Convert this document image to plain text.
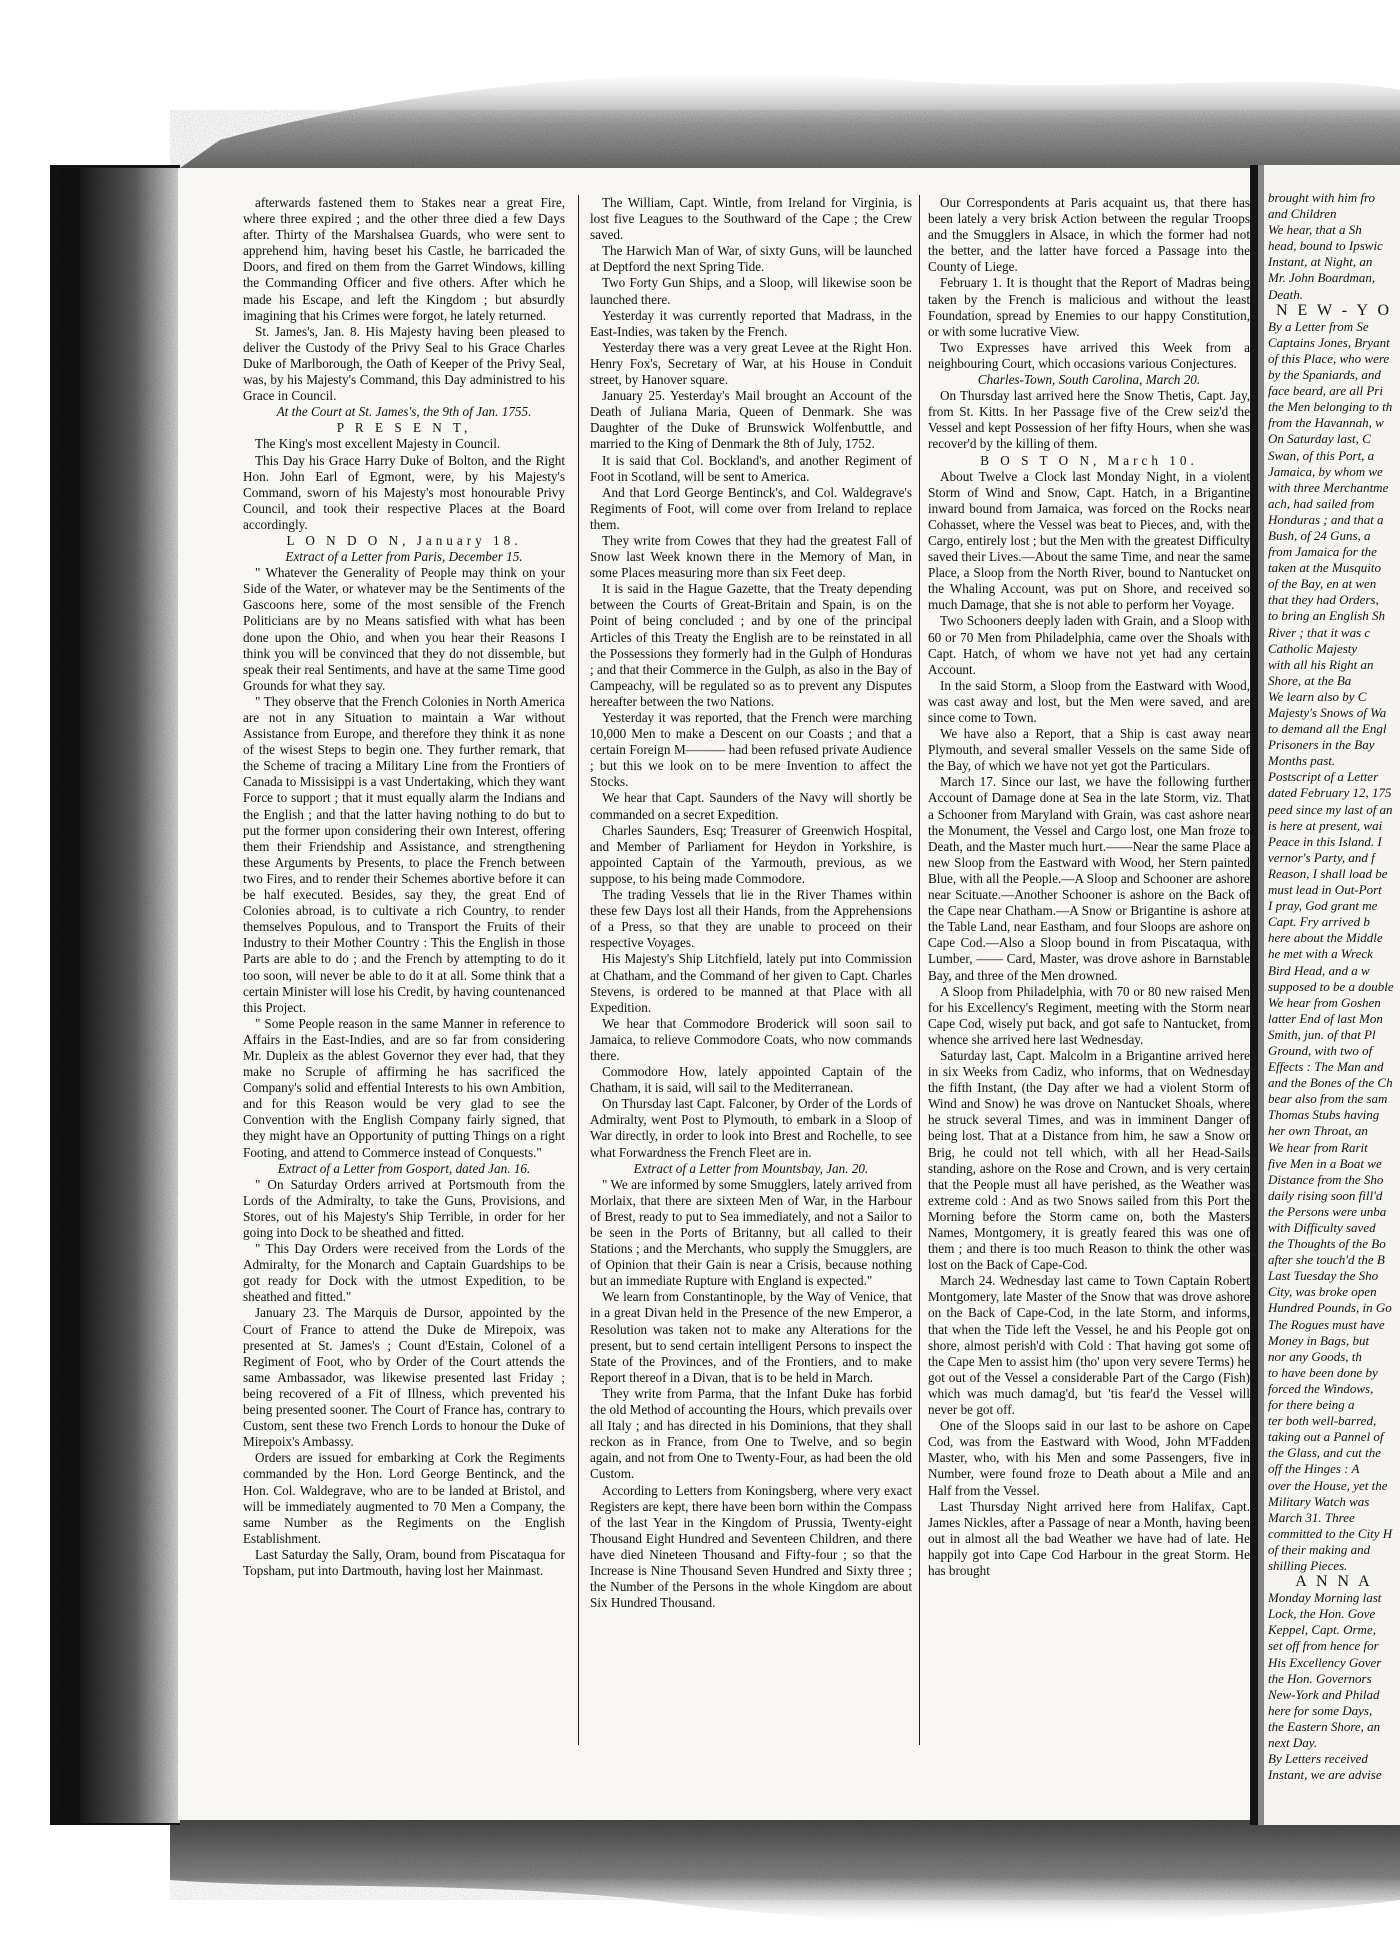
afterwards fastened them to Stakes near a great Fire, where three expired ; and the other three died a few Days after. Thirty of the Marshalsea Guards, who were sent to apprehend him, having beset his Castle, he barricaded the Doors, and fired on them from the Garret Windows, killing the Commanding Officer and five others. After which he made his Escape, and left the Kingdom ; but absurdly imagining that his Crimes were forgot, he lately returned.

St. James's, Jan. 8. His Majesty having been pleased to deliver the Custody of the Privy Seal to his Grace Charles Duke of Marlborough, the Oath of Keeper of the Privy Seal, was, by his Majesty's Command, this Day administred to his Grace in Council.

At the Court at St. James's, the 9th of Jan. 1755.

P R E S E N T,

The King's most excellent Majesty in Council.

This Day his Grace Harry Duke of Bolton, and the Right Hon. John Earl of Egmont, were, by his Majesty's Command, sworn of his Majesty's most honourable Privy Council, and took their respective Places at the Board accordingly.

L O N D O N, January 18.

Extract of a Letter from Paris, December 15.

" Whatever the Generality of People may think on your Side of the Water, or whatever may be the Sentiments of the Gascoons here, some of the most sensible of the French Politicians are by no Means satisfied with what has been done upon the Ohio, and when you hear their Reasons I think you will be convinced that they do not dissemble, but speak their real Sentiments, and have at the same Time good Grounds for what they say.

" They observe that the French Colonies in North America are not in any Situation to maintain a War without Assistance from Europe, and therefore they think it as none of the wisest Steps to begin one. They further remark, that the Scheme of tracing a Military Line from the Frontiers of Canada to Missisippi is a vast Undertaking, which they want Force to support ; that it must equally alarm the Indians and the English ; and that the latter having nothing to do but to put the former upon considering their own Interest, offering them their Friendship and Assistance, and strengthening these Arguments by Presents, to place the French between two Fires, and to render their Schemes abortive before it can be half executed. Besides, say they, the great End of Colonies abroad, is to cultivate a rich Country, to render themselves Populous, and to Transport the Fruits of their Industry to their Mother Country : This the English in those Parts are able to do ; and the French by attempting to do it too soon, will never be able to do it at all. Some think that a certain Minister will lose his Credit, by having countenanced this Project.

" Some People reason in the same Manner in reference to Affairs in the East-Indies, and are so far from considering Mr. Dupleix as the ablest Governor they ever had, that they make no Scruple of affirming he has sacrificed the Company's solid and effential Interests to his own Ambition, and for this Reason would be very glad to see the Convention with the English Company fairly signed, that they might have an Opportunity of putting Things on a right Footing, and attend to Commerce instead of Conquests."

Extract of a Letter from Gosport, dated Jan. 16.

" On Saturday Orders arrived at Portsmouth from the Lords of the Admiralty, to take the Guns, Provisions, and Stores, out of his Majesty's Ship Terrible, in order for her going into Dock to be sheathed and fitted.

" This Day Orders were received from the Lords of the Admiralty, for the Monarch and Captain Guardships to be got ready for Dock with the utmost Expedition, to be sheathed and fitted."

January 23. The Marquis de Dursor, appointed by the Court of France to attend the Duke de Mirepoix, was presented at St. James's ; Count d'Estain, Colonel of a Regiment of Foot, who by Order of the Court attends the same Ambassador, was likewise presented last Friday ; being recovered of a Fit of Illness, which prevented his being presented sooner. The Court of France has, contrary to Custom, sent these two French Lords to honour the Duke of Mirepoix's Ambassy.

Orders are issued for embarking at Cork the Regiments commanded by the Hon. Lord George Bentinck, and the Hon. Col. Waldegrave, who are to be landed at Bristol, and will be immediately augmented to 70 Men a Company, the same Number as the Regiments on the English Establishment.

Last Saturday the Sally, Oram, bound from Piscataqua for Topsham, put into Dartmouth, having lost her Mainmast.

The William, Capt. Wintle, from Ireland for Virginia, is lost five Leagues to the Southward of the Cape ; the Crew saved.

The Harwich Man of War, of sixty Guns, will be launched at Deptford the next Spring Tide.

Two Forty Gun Ships, and a Sloop, will likewise soon be launched there.

Yesterday it was currently reported that Madrass, in the East-Indies, was taken by the French.

Yesterday there was a very great Levee at the Right Hon. Henry Fox's, Secretary of War, at his House in Conduit street, by Hanover square.

January 25. Yesterday's Mail brought an Account of the Death of Juliana Maria, Queen of Denmark. She was Daughter of the Duke of Brunswick Wolfenbuttle, and married to the King of Denmark the 8th of July, 1752.

It is said that Col. Bockland's, and another Regiment of Foot in Scotland, will be sent to America.

And that Lord George Bentinck's, and Col. Waldegrave's Regiments of Foot, will come over from Ireland to replace them.

They write from Cowes that they had the greatest Fall of Snow last Week known there in the Memory of Man, in some Places measuring more than six Feet deep.

It is said in the Hague Gazette, that the Treaty depending between the Courts of Great-Britain and Spain, is on the Point of being concluded ; and by one of the principal Articles of this Treaty the English are to be reinstated in all the Possessions they formerly had in the Gulph of Honduras ; and that their Commerce in the Gulph, as also in the Bay of Campeachy, will be regulated so as to prevent any Disputes hereafter between the two Nations.

Yesterday it was reported, that the French were marching 10,000 Men to make a Descent on our Coasts ; and that a certain Foreign M——— had been refused private Audience ; but this we look on to be mere Invention to affect the Stocks.

We hear that Capt. Saunders of the Navy will shortly be commanded on a secret Expedition.

Charles Saunders, Esq; Treasurer of Greenwich Hospital, and Member of Parliament for Heydon in Yorkshire, is appointed Captain of the Yarmouth, previous, as we suppose, to his being made Commodore.

The trading Vessels that lie in the River Thames within these few Days lost all their Hands, from the Apprehensions of a Press, so that they are unable to proceed on their respective Voyages.

His Majesty's Ship Litchfield, lately put into Commission at Chatham, and the Command of her given to Capt. Charles Stevens, is ordered to be manned at that Place with all Expedition.

We hear that Commodore Broderick will soon sail to Jamaica, to relieve Commodore Coats, who now commands there.

Commodore How, lately appointed Captain of the Chatham, it is said, will sail to the Mediterranean.

On Thursday last Capt. Falconer, by Order of the Lords of Admiralty, went Post to Plymouth, to embark in a Sloop of War directly, in order to look into Brest and Rochelle, to see what Forwardness the French Fleet are in.

Extract of a Letter from Mountsbay, Jan. 20.

" We are informed by some Smugglers, lately arrived from Morlaix, that there are sixteen Men of War, in the Harbour of Brest, ready to put to Sea immediately, and not a Sailor to be seen in the Ports of Britanny, but all called to their Stations ; and the Merchants, who supply the Smugglers, are of Opinion that their Gain is near a Crisis, because nothing but an immediate Rupture with England is expected."

We learn from Constantinople, by the Way of Venice, that in a great Divan held in the Presence of the new Emperor, a Resolution was taken not to make any Alterations for the present, but to send certain intelligent Persons to inspect the State of the Provinces, and of the Frontiers, and to make Report thereof in a Divan, that is to be held in March.

They write from Parma, that the Infant Duke has forbid the old Method of accounting the Hours, which prevails over all Italy ; and has directed in his Dominions, that they shall reckon as in France, from One to Twelve, and so begin again, and not from One to Twenty-Four, as had been the old Custom.

According to Letters from Koningsberg, where very exact Registers are kept, there have been born within the Compass of the last Year in the Kingdom of Prussia, Twenty-eight Thousand Eight Hundred and Seventeen Children, and there have died Nineteen Thousand and Fifty-four ; so that the Increase is Nine Thousand Seven Hundred and Sixty three ; the Number of the Persons in the whole Kingdom are about Six Hundred Thousand.

Our Correspondents at Paris acquaint us, that there has been lately a very brisk Action between the regular Troops and the Smugglers in Alsace, in which the former had not the better, and the latter have forced a Passage into the County of Liege.

February 1. It is thought that the Report of Madras being taken by the French is malicious and without the least Foundation, spread by Enemies to our happy Constitution, or with some lucrative View.

Two Expresses have arrived this Week from a neighbouring Court, which occasions various Conjectures.

Charles-Town, South Carolina, March 20.

On Thursday last arrived here the Snow Thetis, Capt. Jay, from St. Kitts. In her Passage five of the Crew seiz'd the Vessel and kept Possession of her fifty Hours, when she was recover'd by the killing of them.

B O S T O N, March 10.

About Twelve a Clock last Monday Night, in a violent Storm of Wind and Snow, Capt. Hatch, in a Brigantine inward bound from Jamaica, was forced on the Rocks near Cohasset, where the Vessel was beat to Pieces, and, with the Cargo, entirely lost ; but the Men with the greatest Difficulty saved their Lives.—About the same Time, and near the same Place, a Sloop from the North River, bound to Nantucket on the Whaling Account, was put on Shore, and received so much Damage, that she is not able to perform her Voyage.

Two Schooners deeply laden with Grain, and a Sloop with 60 or 70 Men from Philadelphia, came over the Shoals with Capt. Hatch, of whom we have not yet had any certain Account.

In the said Storm, a Sloop from the Eastward with Wood, was cast away and lost, but the Men were saved, and are since come to Town.

We have also a Report, that a Ship is cast away near Plymouth, and several smaller Vessels on the same Side of the Bay, of which we have not yet got the Particulars.

March 17. Since our last, we have the following further Account of Damage done at Sea in the late Storm, viz. That a Schooner from Maryland with Grain, was cast ashore near the Monument, the Vessel and Cargo lost, one Man froze to Death, and the Master much hurt.——Near the same Place a new Sloop from the Eastward with Wood, her Stern painted Blue, with all the People.—A Sloop and Schooner are ashore near Scituate.—Another Schooner is ashore on the Back of the Cape near Chatham.—A Snow or Brigantine is ashore at the Table Land, near Eastham, and four Sloops are ashore on Cape Cod.—Also a Sloop bound in from Piscataqua, with Lumber, —— Card, Master, was drove ashore in Barnstable Bay, and three of the Men drowned.

A Sloop from Philadelphia, with 70 or 80 new raised Men for his Excellency's Regiment, meeting with the Storm near Cape Cod, wisely put back, and got safe to Nantucket, from whence she arrived here last Wednesday.

Saturday last, Capt. Malcolm in a Brigantine arrived here in six Weeks from Cadiz, who informs, that on Wednesday the fifth Instant, (the Day after we had a violent Storm of Wind and Snow) he was drove on Nantucket Shoals, where he struck several Times, and was in imminent Danger of being lost. That at a Distance from him, he saw a Snow or Brig, he could not tell which, with all her Head-Sails standing, ashore on the Rose and Crown, and is very certain that the People must all have perished, as the Weather was extreme cold : And as two Snows sailed from this Port the Morning before the Storm came on, both the Masters Names, Montgomery, it is greatly feared this was one of them ; and there is too much Reason to think the other was lost on the Back of Cape-Cod.

March 24. Wednesday last came to Town Captain Robert Montgomery, late Master of the Snow that was drove ashore on the Back of Cape-Cod, in the late Storm, and informs, that when the Tide left the Vessel, he and his People got on shore, almost perish'd with Cold : That having got some of the Cape Men to assist him (tho' upon very severe Terms) he got out of the Vessel a considerable Part of the Cargo (Fish) which was much damag'd, but 'tis fear'd the Vessel will never be got off.

One of the Sloops said in our last to be ashore on Cape Cod, was from the Eastward with Wood, John M'Fadden Master, who, with his Men and some Passengers, five in Number, were found froze to Death about a Mile and an Half from the Vessel.

Last Thursday Night arrived here from Halifax, Capt. James Nickles, after a Passage of near a Month, having been out in almost all the bad Weather we have had of late. He happily got into Cape Cod Harbour in the great Storm. He has brought

brought with him fro
and Children
We hear, that a Sh
head, bound to Ipswic
Instant, at Night, an
Mr. John Boardman,
Death.
N E W - Y O
By a Letter from Se
Captains Jones, Bryant
of this Place, who were
by the Spaniards, and
face beard, are all Pri
the Men belonging to th
from the Havannah, w
On Saturday last, C
Swan, of this Port, a
Jamaica, by whom we
with three Merchantme
ach, had sailed from
Honduras ; and that a
Bush, of 24 Guns, a
from Jamaica for the
taken at the Musquito
of the Bay, en at wen
that they had Orders,
to bring an English Sh
River ; that it was c
Catholic Majesty
with all his Right an
Shore, at the Ba
We learn also by C
Majesty's Snows of Wa
to demand all the Engl
Prisoners in the Bay
Months past.
Postscript of a Letter
dated February 12, 175
peed since my last of an
is here at present, wai
Peace in this Island. I
vernor's Party, and f
Reason, I shall load be
must lead in Out-Port
I pray, God grant me
Capt. Fry arrived b
here about the Middle
he met with a Wreck
Bird Head, and a w
supposed to be a double
We hear from Goshen
latter End of last Mon
Smith, jun. of that Pl
Ground, with two of
Effects : The Man and
and the Bones of the Ch
bear also from the sam
Thomas Stubs having
her own Throat, an
We hear from Rarit
five Men in a Boat we
Distance from the Sho
daily rising soon fill'd
the Persons were unba
with Difficulty saved
the Thoughts of the Bo
after she touch'd the B
Last Tuesday the Sho
City, was broke open
Hundred Pounds, in Go
The Rogues must have
Money in Bags, but
nor any Goods, th
to have been done by
forced the Windows,
for there being a
ter both well-barred,
taking out a Pannel of
the Glass, and cut the
off the Hinges : A
over the House, yet the
Military Watch was
March 31. Three
committed to the City H
of their making and
shilling Pieces.
A N N A
Monday Morning last
Lock, the Hon. Gove
Keppel, Capt. Orme,
set off from hence for
His Excellency Gover
the Hon. Governors
New-York and Philad
here for some Days,
the Eastern Shore, an
next Day.
By Letters received
Instant, we are advise
